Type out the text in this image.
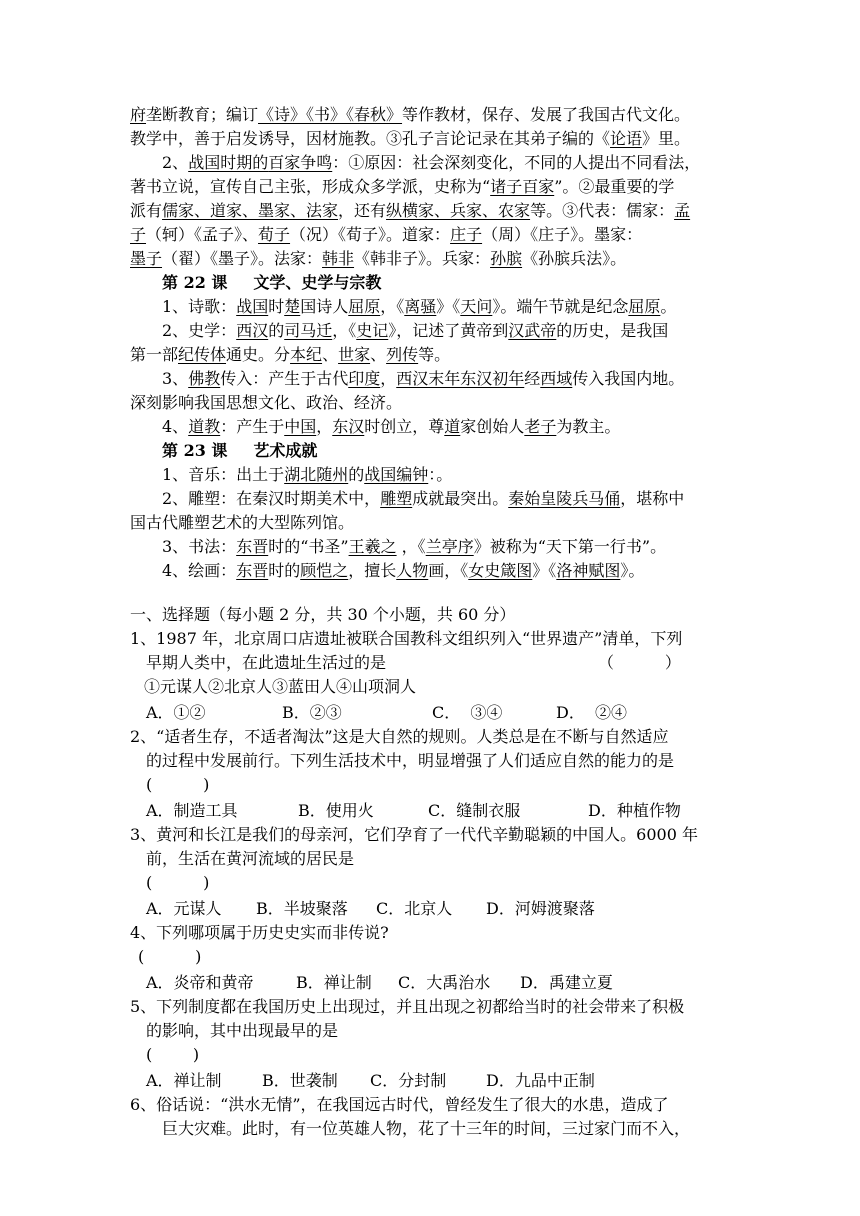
府垄断教育；编订《诗》《书》《春秋》等作教材，保存、发展了我国古代文化。
教学中，善于启发诱导，因材施教。③孔子言论记录在其弟子编的《论语》里。
2、战国时期的百家争鸣：①原因：社会深刻变化，不同的人提出不同看法，
著书立说，宣传自己主张，形成众多学派，史称为“诸子百家”。②最重要的学
派有儒家、道家、墨家、法家，还有纵横家、兵家、农家等。③代表：儒家：孟
子（轲）《孟子》、荀子（况）《荀子》。道家：庄子（周）《庄子》。墨家：
墨子（翟）《墨子》。法家：韩非《韩非子》。兵家：孙膑《孙膑兵法》。
第 22 课 文学、史学与宗教
1、诗歌：战国时楚国诗人屈原，《离骚》《天问》。端午节就是纪念屈原。
2、史学：西汉的司马迁，《史记》，记述了黄帝到汉武帝的历史，是我国
第一部纪传体通史。分本纪、世家、列传等。
3、佛教传入：产生于古代印度，西汉末年东汉初年经西域传入我国内地。
深刻影响我国思想文化、政治、经济。
4、道教：产生于中国，东汉时创立，尊道家创始人老子为教主。
第 23 课 艺术成就
1、音乐：出土于湖北随州的战国编钟：。
2、雕塑：在秦汉时期美术中，雕塑成就最突出。秦始皇陵兵马俑，堪称中
国古代雕塑艺术的大型陈列馆。
3、书法：东晋时的“书圣”王羲之 ，《兰亭序》被称为“天下第一行书”。
4、绘画：东晋时的顾恺之，擅长人物画，《女史箴图》《洛神赋图》。
一、选择题（每小题 2 分，共 30 个小题，共 60 分）
1、1987 年，北京周口店遗址被联合国教科文组织列入“世界遗产”清单，下列
早期人类中，在此遗址生活过的是	（          ）
①元谋人②北京人③蓝田人④山项洞人
A．①②	B．②③	C．  ③④	D．  ②④
2、“适者生存，不适者淘汰”这是大自然的规则。人类总是在不断与自然适应
的过程中发展前行。下列生活技术中，明显增强了人们适应自然的能力的是
(          )
A．制造工具	B．使用火	C．缝制衣服	D．种植作物
3、黄河和长江是我们的母亲河，它们孕育了一代代辛勤聪颖的中国人。6000 年
前，生活在黄河流域的居民是
(          )
A．元谋人 B．半坡聚落 C．北京人 D．河姆渡聚落
4、下列哪项属于历史史实而非传说?
(          )
A．炎帝和黄帝	B．禅让制 C．大禹治水 D．禹建立夏
5、下列制度都在我国历史上出现过，并且出现之初都给当时的社会带来了积极
的影响，其中出现最早的是
(        )
A．禅让制	B．世袭制 C．分封制 D．九品中正制
6、俗话说：“洪水无情”，在我国远古时代，曾经发生了很大的水患，造成了
巨大灾难。此时，有一位英雄人物，花了十三年的时间，三过家门而不入，
